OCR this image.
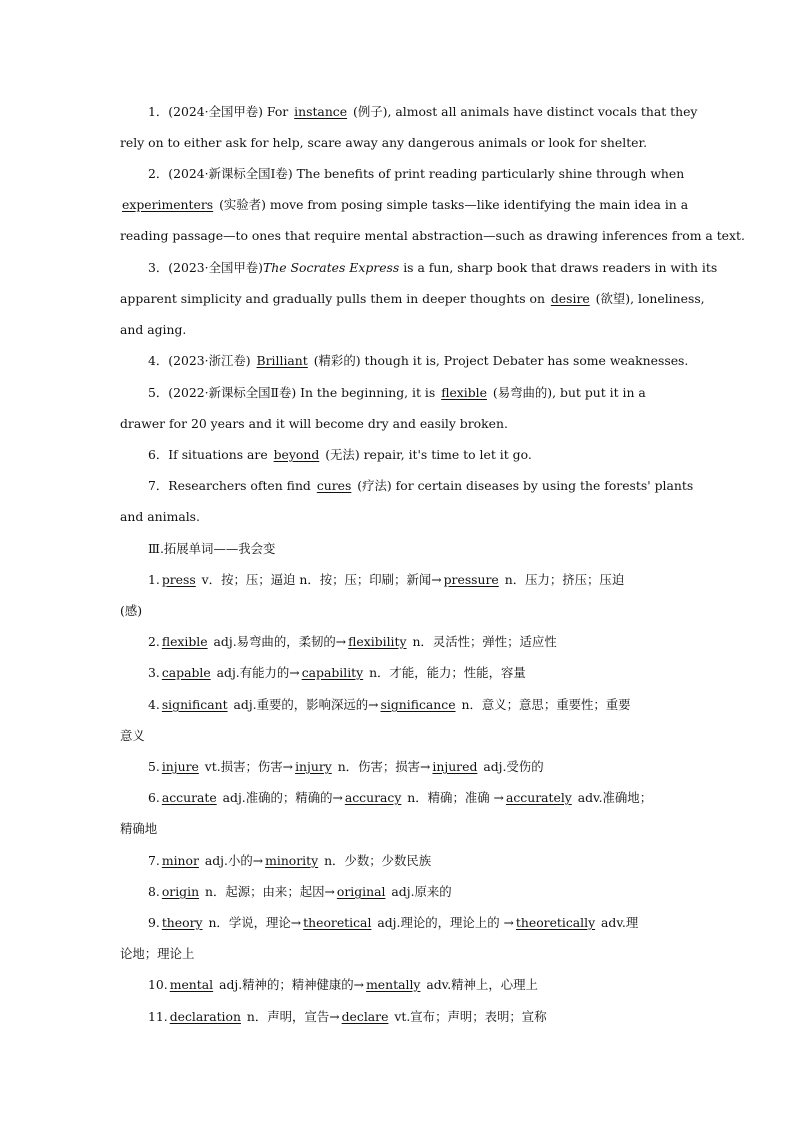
1．(2024·全国甲卷) For instance (例子), almost all animals have distinct vocals that they
rely on to either ask for help, scare away any dangerous animals or look for shelter.
2．(2024·新课标全国Ⅰ卷) The benefits of print reading particularly shine through when
experimenters (实验者) move from posing simple tasks—like identifying the main idea in a
reading passage—to ones that require mental abstraction—such as drawing inferences from a text.
3．(2023·全国甲卷)The Socrates Express is a fun, sharp book that draws readers in with its
apparent simplicity and gradually pulls them in deeper thoughts on desire (欲望), loneliness,
and aging.
4．(2023·浙江卷) Brilliant (精彩的) though it is, Project Debater has some weaknesses.
5．(2022·新课标全国Ⅱ卷) In the beginning, it is flexible (易弯曲的), but put it in a
drawer for 20 years and it will become dry and easily broken.
6．If situations are beyond (无法) repair, it's time to let it go.
7．Researchers often find cures (疗法) for certain diseases by using the forests' plants
and animals.
Ⅲ.拓展单词——我会变
1. press v．按；压；逼迫 n．按；压；印刷；新闻→ pressure n．压力；挤压；压迫
(感)
2. flexible adj.易弯曲的，柔韧的→ flexibility n．灵活性；弹性；适应性
3. capable adj.有能力的→ capability n．才能，能力；性能，容量
4. significant adj.重要的，影响深远的→ significance n．意义；意思；重要性；重要
意义
5. injure vt.损害；伤害→ injury n．伤害；损害→ injured adj.受伤的
6. accurate adj.准确的；精确的→ accuracy n．精确；准确 → accurately adv.准确地；
精确地
7. minor adj.小的→ minority n．少数；少数民族
8. origin n．起源；由来；起因→ original adj.原来的
9. theory n．学说，理论→ theoretical adj.理论的，理论上的 → theoretically adv.理
论地；理论上
10. mental adj.精神的；精神健康的→ mentally adv.精神上，心理上
11. declaration n．声明，宣告→ declare vt.宣布；声明；表明；宣称
